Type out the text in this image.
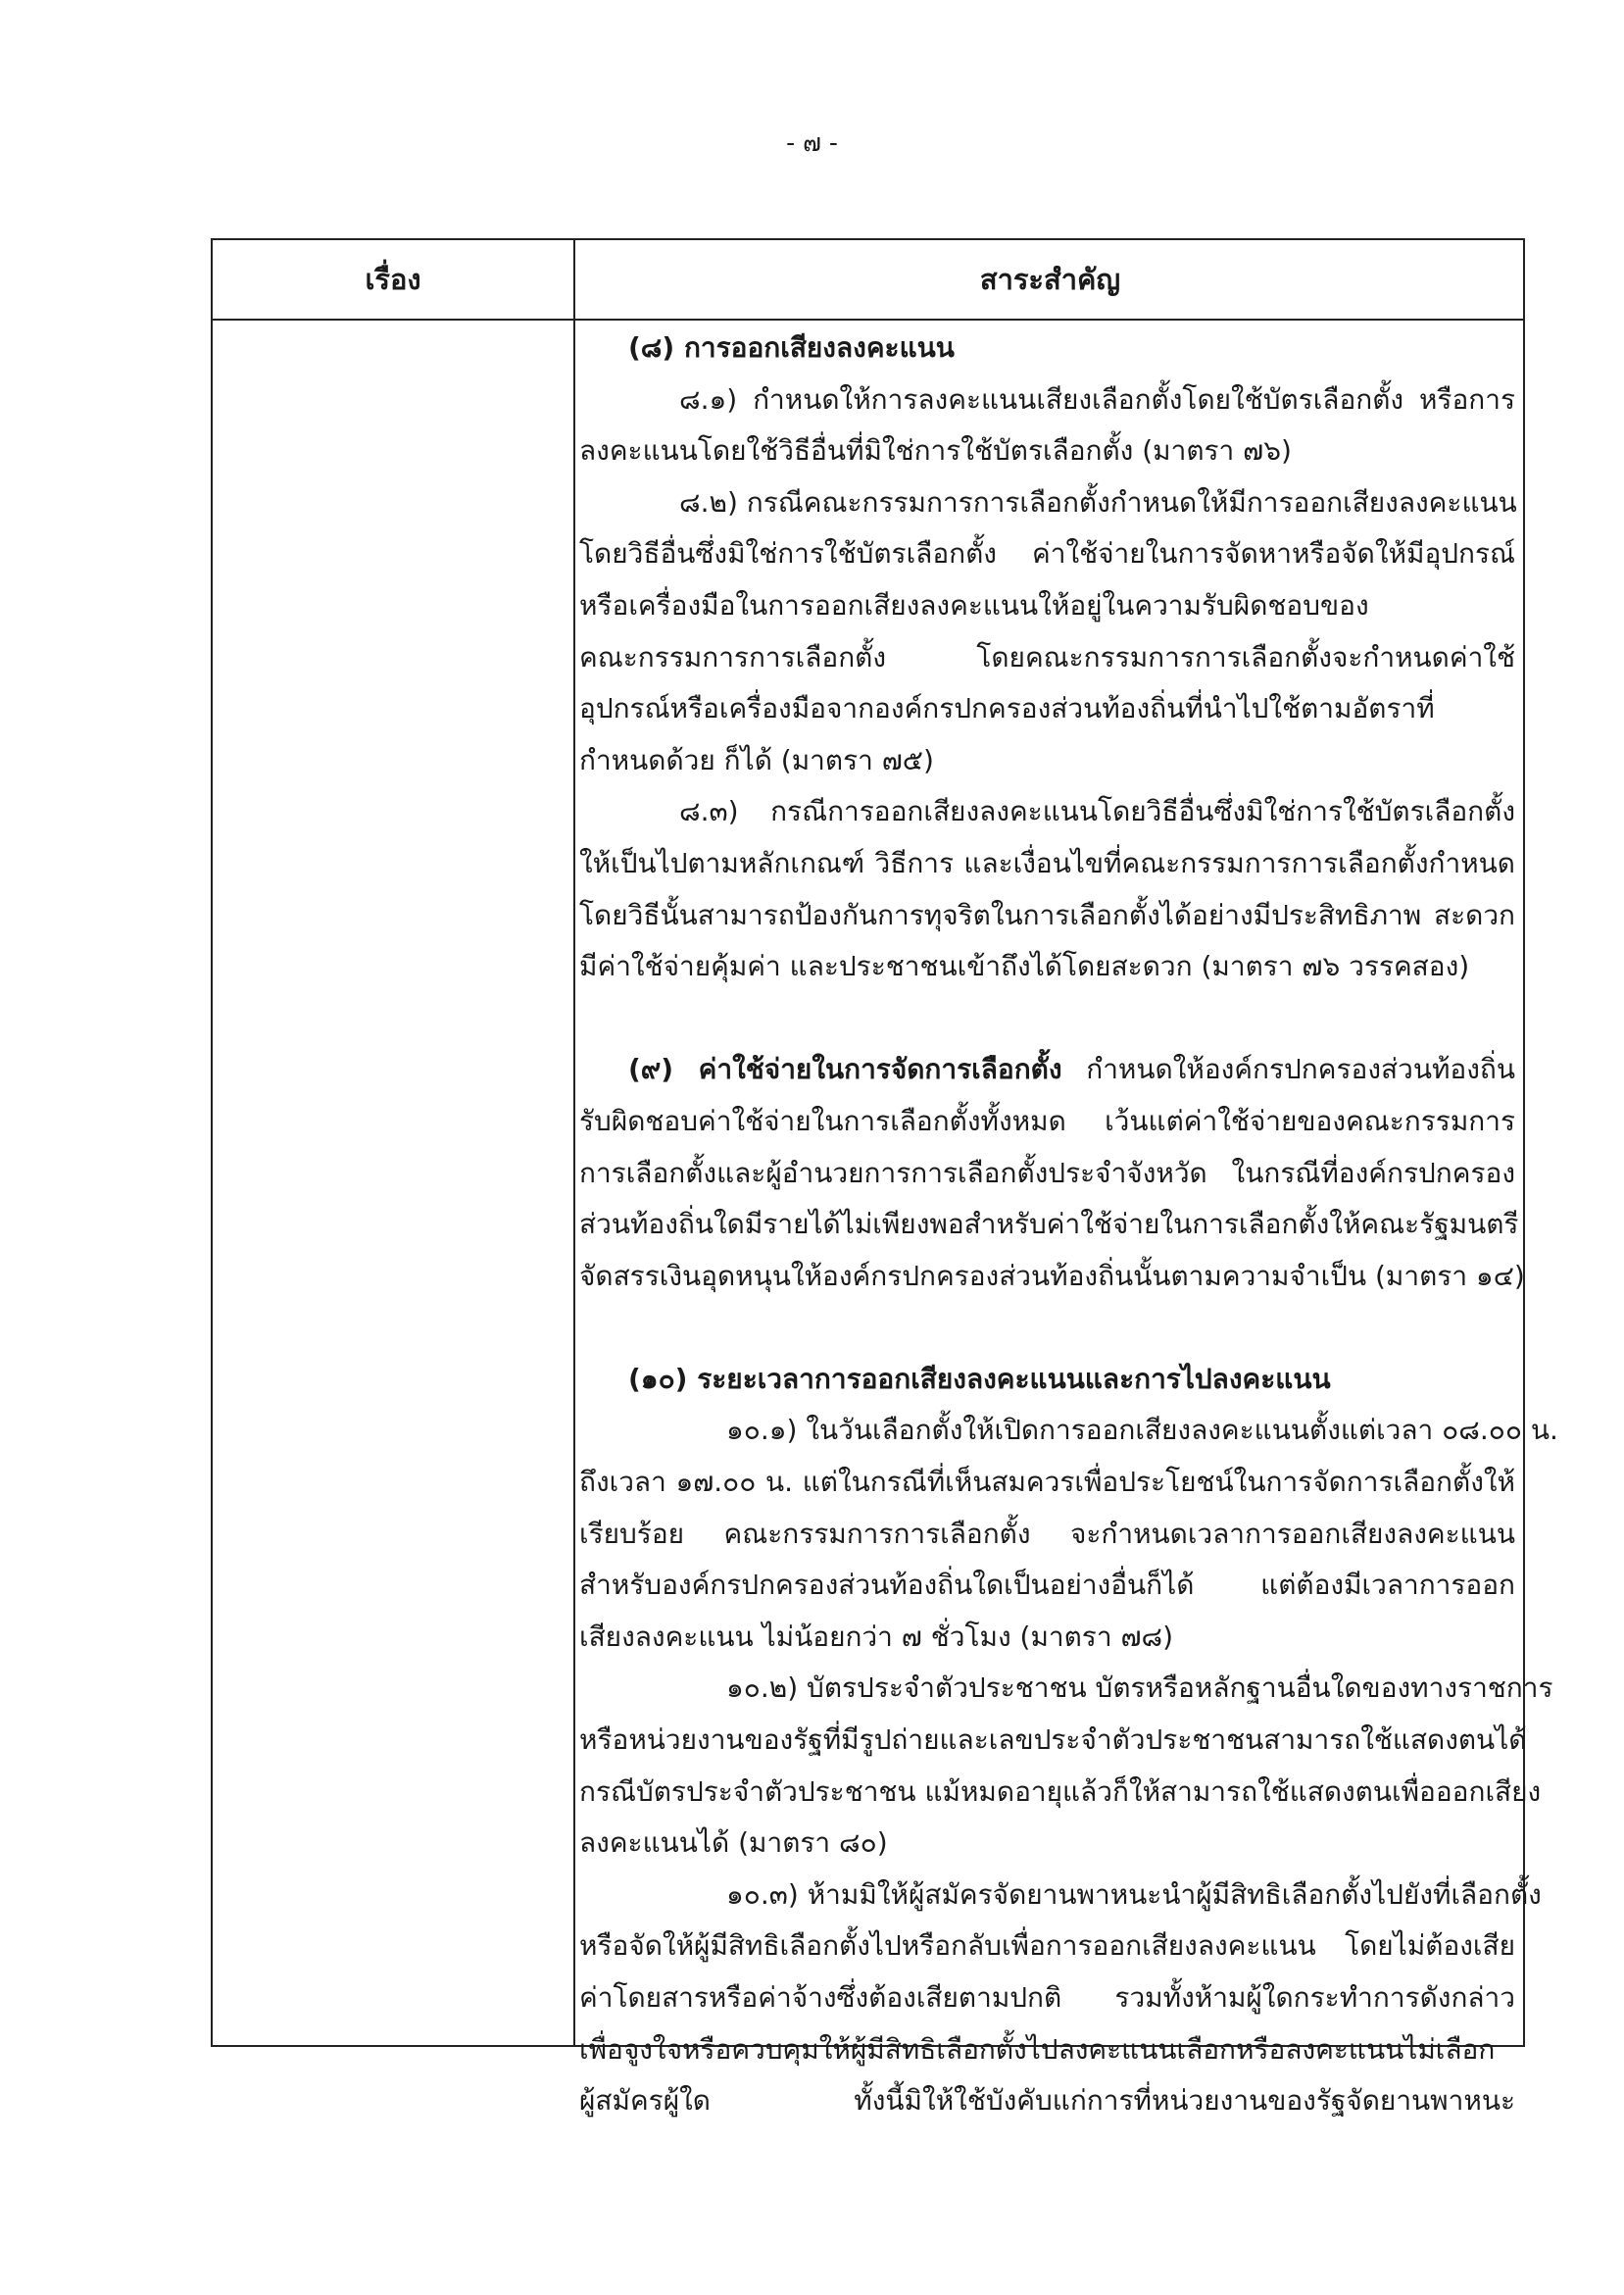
- ๗ -
เรื่อง	สาระสำคัญ
(๘) การออกเสียงลงคะแนน
๘.๑) กำหนดให้การลงคะแนนเสียงเลือกตั้งโดยใช้บัตรเลือกตั้ง หรือการ
ลงคะแนนโดยใช้วิธีอื่นที่มิใช่การใช้บัตรเลือกตั้ง (มาตรา ๗๖)
๘.๒) กรณีคณะกรรมการการเลือกตั้งกำหนดให้มีการออกเสียงลงคะแนน
โดยวิธีอื่นซึ่งมิใช่การใช้บัตรเลือกตั้ง ค่าใช้จ่ายในการจัดหาหรือจัดให้มีอุปกรณ์
หรือเครื่องมือในการออกเสียงลงคะแนนให้อยู่ในความรับผิดชอบของ
คณะกรรมการการเลือกตั้ง โดยคณะกรรมการการเลือกตั้งจะกำหนดค่าใช้
อุปกรณ์หรือเครื่องมือจากองค์กรปกครองส่วนท้องถิ่นที่นำไปใช้ตามอัตราที่
กำหนดด้วย ก็ได้ (มาตรา ๗๕)
๘.๓) กรณีการออกเสียงลงคะแนนโดยวิธีอื่นซึ่งมิใช่การใช้บัตรเลือกตั้ง
ให้เป็นไปตามหลักเกณฑ์ วิธีการ และเงื่อนไขที่คณะกรรมการการเลือกตั้งกำหนด
โดยวิธีนั้นสามารถป้องกันการทุจริตในการเลือกตั้งได้อย่างมีประสิทธิภาพ สะดวก
มีค่าใช้จ่ายคุ้มค่า และประชาชนเข้าถึงได้โดยสะดวก (มาตรา ๗๖ วรรคสอง)
(๙) ค่าใช้จ่ายในการจัดการเลือกตั้ง กำหนดให้องค์กรปกครองส่วนท้องถิ่น
รับผิดชอบค่าใช้จ่ายในการเลือกตั้งทั้งหมด เว้นแต่ค่าใช้จ่ายของคณะกรรมการ
การเลือกตั้งและผู้อำนวยการการเลือกตั้งประจำจังหวัด ในกรณีที่องค์กรปกครอง
ส่วนท้องถิ่นใดมีรายได้ไม่เพียงพอสำหรับค่าใช้จ่ายในการเลือกตั้งให้คณะรัฐมนตรี
จัดสรรเงินอุดหนุนให้องค์กรปกครองส่วนท้องถิ่นนั้นตามความจำเป็น (มาตรา ๑๔)
(๑๐) ระยะเวลาการออกเสียงลงคะแนนและการไปลงคะแนน
๑๐.๑) ในวันเลือกตั้งให้เปิดการออกเสียงลงคะแนนตั้งแต่เวลา ๐๘.๐๐ น.
ถึงเวลา ๑๗.๐๐ น. แต่ในกรณีที่เห็นสมควรเพื่อประโยชน์ในการจัดการเลือกตั้งให้
เรียบร้อย คณะกรรมการการเลือกตั้ง จะกำหนดเวลาการออกเสียงลงคะแนน
สำหรับองค์กรปกครองส่วนท้องถิ่นใดเป็นอย่างอื่นก็ได้ แต่ต้องมีเวลาการออก
เสียงลงคะแนน ไม่น้อยกว่า ๗ ชั่วโมง (มาตรา ๗๘)
๑๐.๒) บัตรประจำตัวประชาชน บัตรหรือหลักฐานอื่นใดของทางราชการ
หรือหน่วยงานของรัฐที่มีรูปถ่ายและเลขประจำตัวประชาชนสามารถใช้แสดงตนได้
กรณีบัตรประจำตัวประชาชน แม้หมดอายุแล้วก็ให้สามารถใช้แสดงตนเพื่อออกเสียง
ลงคะแนนได้ (มาตรา ๘๐)
๑๐.๓) ห้ามมิให้ผู้สมัครจัดยานพาหนะนำผู้มีสิทธิเลือกตั้งไปยังที่เลือกตั้ง
หรือจัดให้ผู้มีสิทธิเลือกตั้งไปหรือกลับเพื่อการออกเสียงลงคะแนน โดยไม่ต้องเสีย
ค่าโดยสารหรือค่าจ้างซึ่งต้องเสียตามปกติ รวมทั้งห้ามผู้ใดกระทำการดังกล่าว
เพื่อจูงใจหรือควบคุมให้ผู้มีสิทธิเลือกตั้งไปลงคะแนนเลือกหรือลงคะแนนไม่เลือก
ผู้สมัครผู้ใด ทั้งนี้มิให้ใช้บังคับแก่การที่หน่วยงานของรัฐจัดยานพาหนะ
